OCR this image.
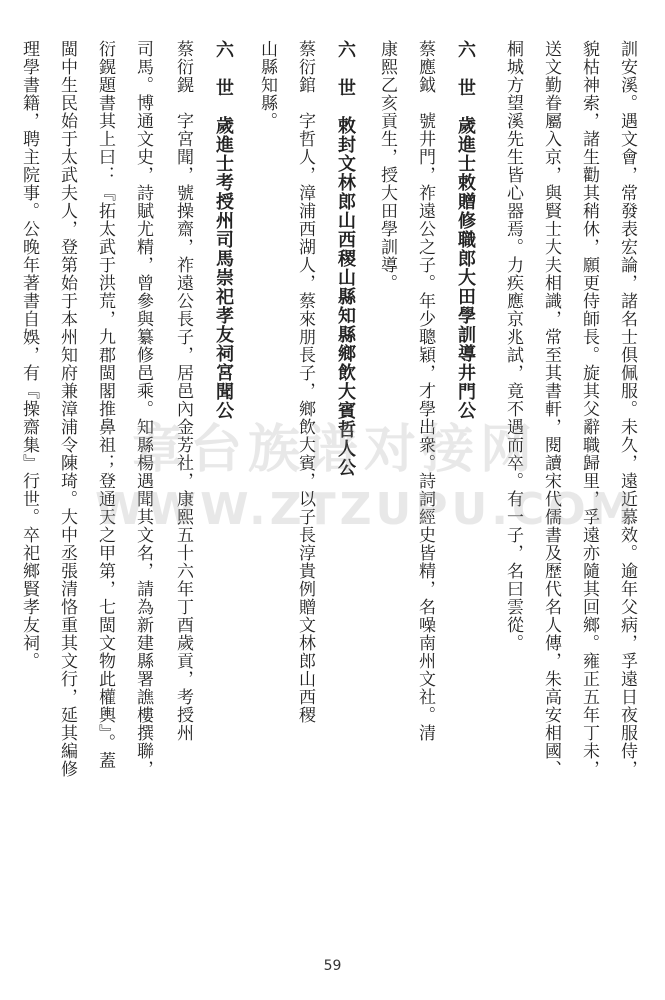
訓安溪。遇文會，常發表宏論，諸名士俱佩服。未久，遠近慕效。逾年父病，孚遠日夜服侍，
貌枯神索，諸生勸其稍休，願更侍師長。旋其父辭職歸里，孚遠亦隨其回鄉。雍正五年丁未，
送文勤眷屬入京，與賢士大夫相識，常至其書軒，閱讀宋代儒書及歷代名人傳，朱高安相國、
桐城方望溪先生皆心器焉。力疾應京兆試，竟不遇而卒。有一子，名曰雲從。
六　世　歲進士敕贈修職郎大田學訓導井門公
蔡應鉞　號井門，祚遠公之子。年少聰穎，才學出衆。詩詞經史皆精，名噪南州文社。清
康熙乙亥貢生，授大田學訓導。
六　世　敕封文林郎山西稷山縣知縣鄉飲大賓哲人公
蔡衍錧　字哲人，漳浦西湖人，蔡來朋長子，鄉飲大賓，以子長淳貴例贈文林郎山西稷
山縣知縣。
六　世　歲進士考授州司馬崇祀孝友祠宮聞公
蔡衍鎤　字宮聞，號操齋，祚遠公長子，居邑內金芳社，康熙五十六年丁酉歲貢，考授州
司馬。博通文史，詩賦尤精，曾參與纂修邑乘。知縣楊遇聞其文名，請為新建縣署譙樓撰聯，
衍鎤題書其上曰：『拓太武于洪荒，九郡閩閣推鼻祖；登通天之甲第，七閩文物此權輿』。蓋
閩中生民始于太武夫人，登第始于本州知府兼漳浦令陳琦。大中丞張清恪重其文行，延其編修
理學書籍，聘主院事。公晚年著書自娛，有『操齋集』行世。卒祀鄉賢孝友祠。	章台族谱对接网
WWW.ZTZUPU.COM
59
